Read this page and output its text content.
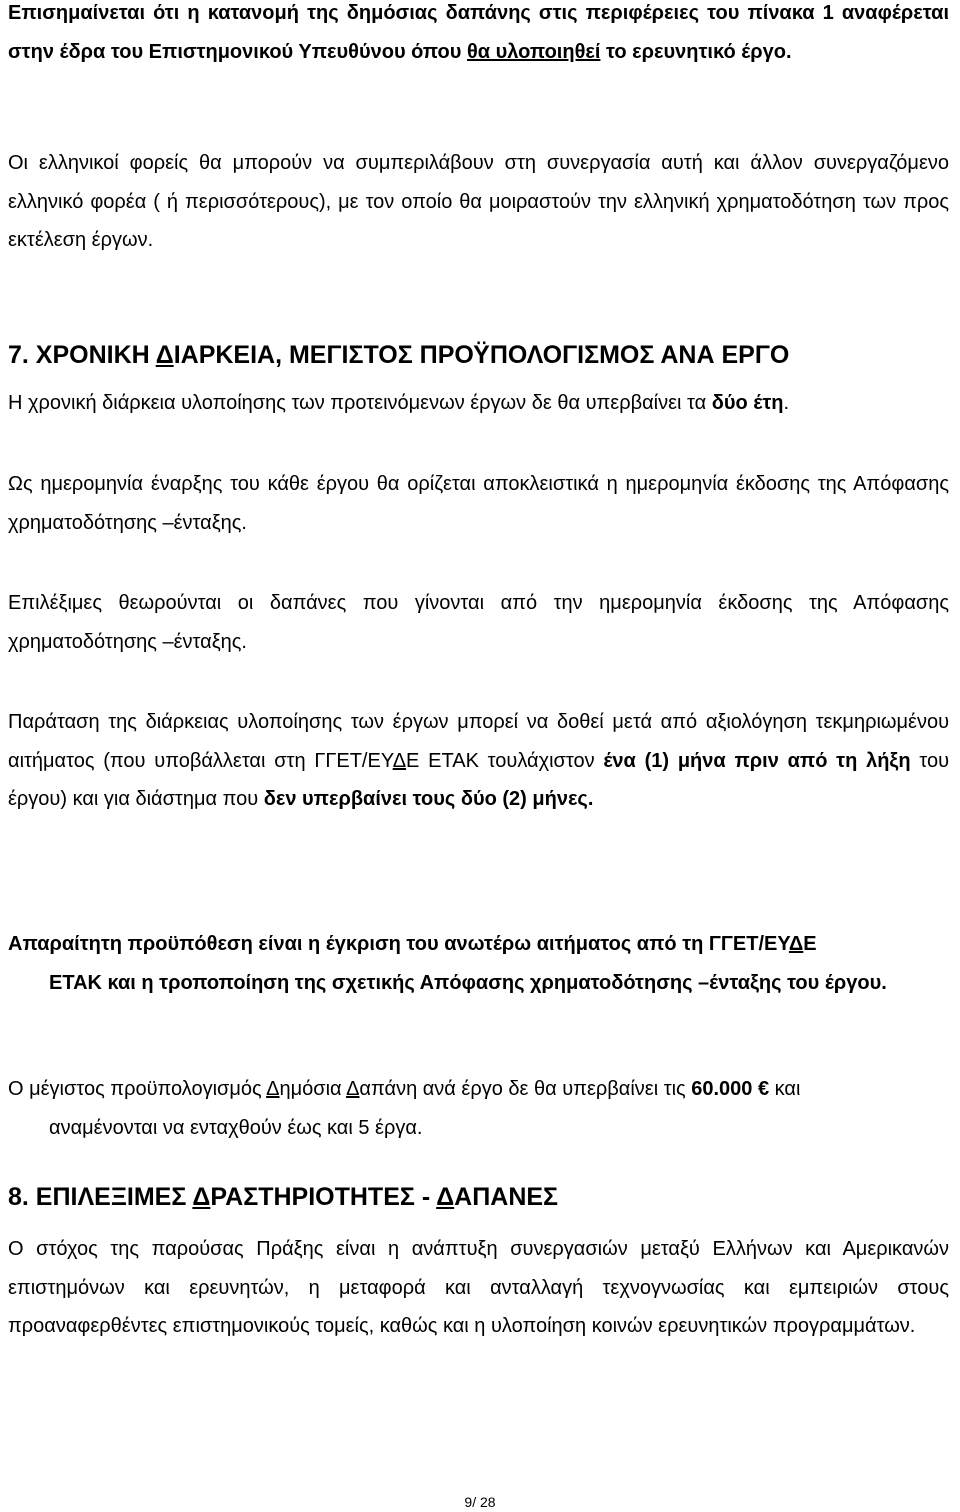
Επισημαίνεται ότι η κατανομή της δημόσιας δαπάνης στις περιφέρειες του πίνακα 1 αναφέρεται στην έδρα του Επιστημονικού Υπευθύνου όπου θα υλοποιηθεί το ερευνητικό έργο.

Οι ελληνικοί φορείς θα μπορούν να συμπεριλάβουν στη συνεργασία αυτή και άλλον συνεργαζόμενο ελληνικό φορέα ( ή περισσότερους), με τον οποίο θα μοιραστούν την ελληνική χρηματοδότηση των προς εκτέλεση έργων.

7. ΧΡΟΝΙΚΗ ΔΙΑΡΚΕΙΑ, ΜΕΓΙΣΤΟΣ ΠΡΟΫΠΟΛΟΓΙΣΜΟΣ ΑΝΑ ΕΡΓΟ

Η χρονική διάρκεια υλοποίησης των προτεινόμενων έργων δε θα υπερβαίνει τα δύο έτη.

Ως ημερομηνία έναρξης του κάθε έργου θα ορίζεται αποκλειστικά η ημερομηνία έκδοσης της Απόφασης χρηματοδότησης –ένταξης.

Επιλέξιμες θεωρούνται οι δαπάνες που γίνονται από την ημερομηνία έκδοσης της Απόφασης χρηματοδότησης –ένταξης.

Παράταση της διάρκειας υλοποίησης των έργων μπορεί να δοθεί μετά από αξιολόγηση τεκμηριωμένου αιτήματος (που υποβάλλεται στη ΓΓΕΤ/ΕΥΔΕ ΕΤΑΚ τουλάχιστον ένα (1) μήνα πριν από τη λήξη του έργου) και για διάστημα που δεν υπερβαίνει τους δύο (2) μήνες.

Απαραίτητη προϋπόθεση είναι η έγκριση του ανωτέρω αιτήματος από τη ΓΓΕΤ/ΕΥΔΕ
ΕΤΑΚ και η τροποποίηση της σχετικής Απόφασης χρηματοδότησης –ένταξης του έργου.

Ο μέγιστος προϋπολογισμός Δημόσια Δαπάνη ανά έργο δε θα υπερβαίνει τις 60.000 € και
αναμένονται να ενταχθούν έως και 5 έργα.

8. ΕΠΙΛΕΞΙΜΕΣ ΔΡΑΣΤΗΡΙΟΤΗΤΕΣ - ΔΑΠΑΝΕΣ

Ο στόχος της παρούσας Πράξης είναι η ανάπτυξη συνεργασιών μεταξύ Ελλήνων και Αμερικανών επιστημόνων και ερευνητών, η μεταφορά και ανταλλαγή τεχνογνωσίας και εμπειριών στους προαναφερθέντες επιστημονικούς τομείς, καθώς και η υλοποίηση κοινών ερευνητικών προγραμμάτων.

9/ 28
